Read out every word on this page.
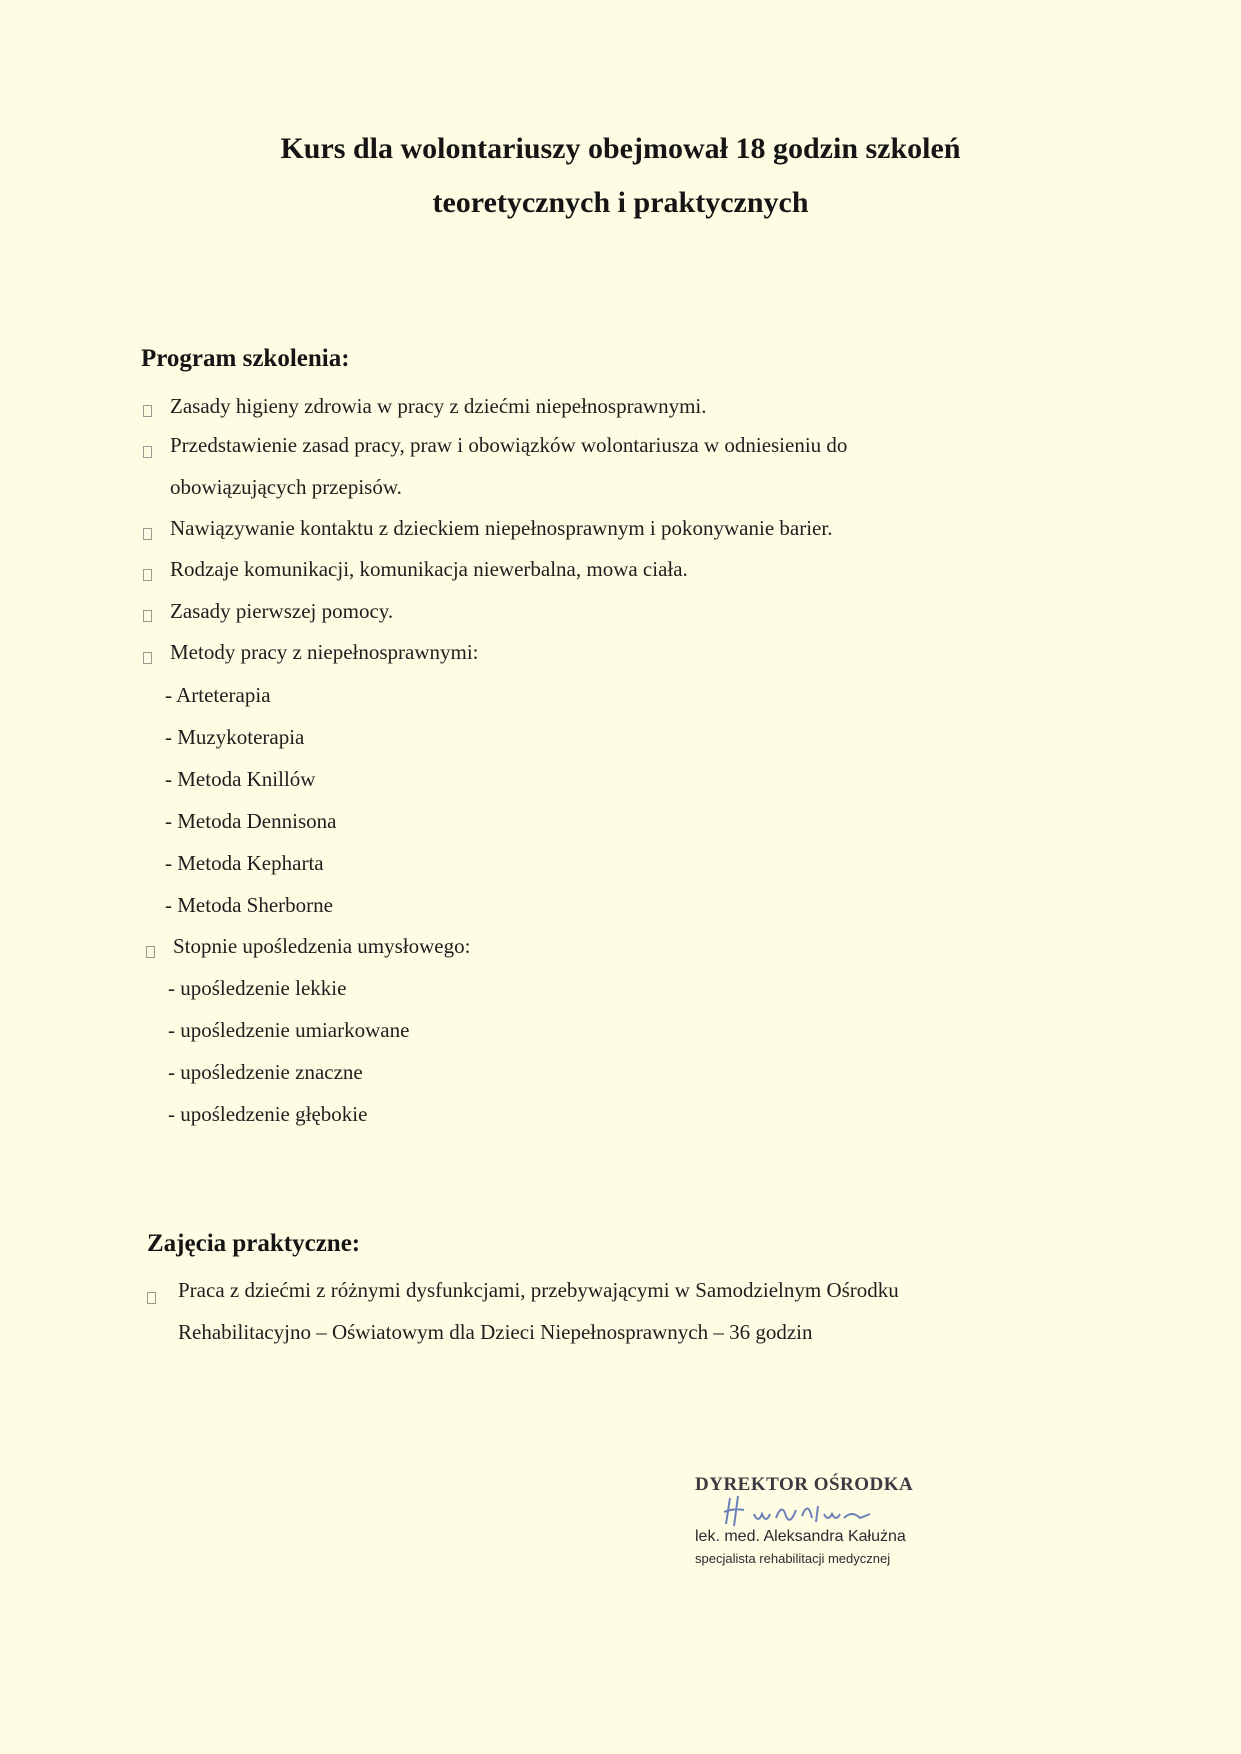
Kurs dla wolontariuszy obejmował 18 godzin szkoleń
teoretycznych i praktycznych
Program szkolenia:
Zasady higieny zdrowia w pracy z dziećmi niepełnosprawnymi.
Przedstawienie zasad pracy, praw i obowiązków wolontariusza w odniesieniu do
obowiązujących przepisów.
Nawiązywanie kontaktu z dzieckiem niepełnosprawnym i pokonywanie barier.
Rodzaje komunikacji, komunikacja niewerbalna, mowa ciała.
Zasady pierwszej pomocy.
Metody pracy z niepełnosprawnymi:
- Arteterapia
- Muzykoterapia
- Metoda Knillów
- Metoda Dennisona
- Metoda Kepharta
- Metoda Sherborne
Stopnie upośledzenia umysłowego:
- upośledzenie lekkie
- upośledzenie umiarkowane
- upośledzenie znaczne
- upośledzenie głębokie
Zajęcia praktyczne:
Praca z dziećmi z różnymi dysfunkcjami, przebywającymi w Samodzielnym Ośrodku
Rehabilitacyjno – Oświatowym dla Dzieci Niepełnosprawnych – 36 godzin
DYREKTOR OŚRODKA
lek. med. Aleksandra Kałużna
specjalista rehabilitacji medycznej
